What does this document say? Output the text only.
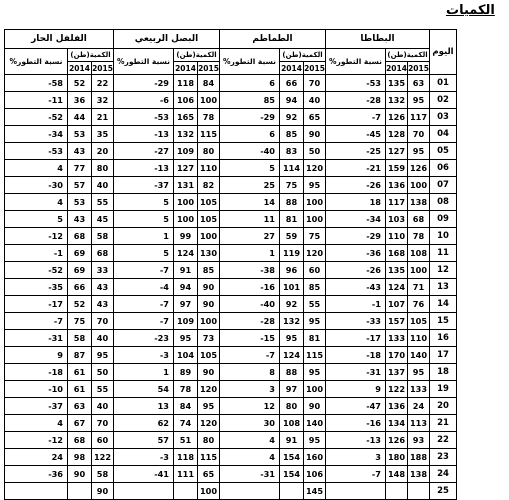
الكميات
اليوم	البطاطا			الطماطم			البصل الربيعي			الفلفل الحار		
	الكمية(طن)		نسبة التطور%	الكمية(طن)		نسبة التطور%	الكمية(طن)		نسبة التطور%	الكمية(طن)		نسبة التطور%
	2015	2014		2015	2014		2015	2014		2015	2014	
01	63	135	53-	70	66	6	84	118	29-	22	52	58-
02	95	132	28-	40	94	85	100	106	6-	32	36	11-
03	117	126	7-	65	92	29-	78	165	53-	21	44	52-
04	70	128	45-	90	85	6	115	132	13-	35	53	34-
05	95	127	25-	50	83	40-	80	109	27-	20	43	53-
06	126	159	21-	120	114	5	110	127	13-	80	77	4
07	100	136	26-	95	75	25	82	131	37-	40	57	30-
08	138	117	18	100	88	14	105	100	5	55	53	4
09	68	103	34-	100	81	11	105	100	5	45	43	5
10	78	110	29-	75	59	27	100	99	1	58	68	12-
11	108	168	36-	120	119	1	130	124	5	68	69	1-
12	100	135	26-	60	96	38-	85	91	7-	33	69	52-
13	71	124	43-	85	101	16-	90	94	4-	43	66	35-
14	76	107	1-	55	92	40-	90	97	7-	43	52	17-
15	105	157	33-	95	132	28-	100	109	7-	70	75	7-
16	110	133	17-	81	95	15-	73	95	23-	40	58	31-
17	140	170	18-	115	124	7-	105	104	3-	95	87	9
18	95	137	31-	95	88	8	90	89	1	50	61	18-
19	133	122	9	100	97	3	120	78	54	55	61	10-
20	24	136	47-	90	80	12	95	84	13	40	63	37-
21	113	134	16-	140	108	30	120	74	62	70	67	4
22	93	126	13-	95	91	4	80	51	57	60	68	12-
23	188	180	3	160	154	4	115	118	3-	122	98	24
24	138	148	7-	106	154	31-	65	111	41-	58	90	36-
25				145			100			90		
